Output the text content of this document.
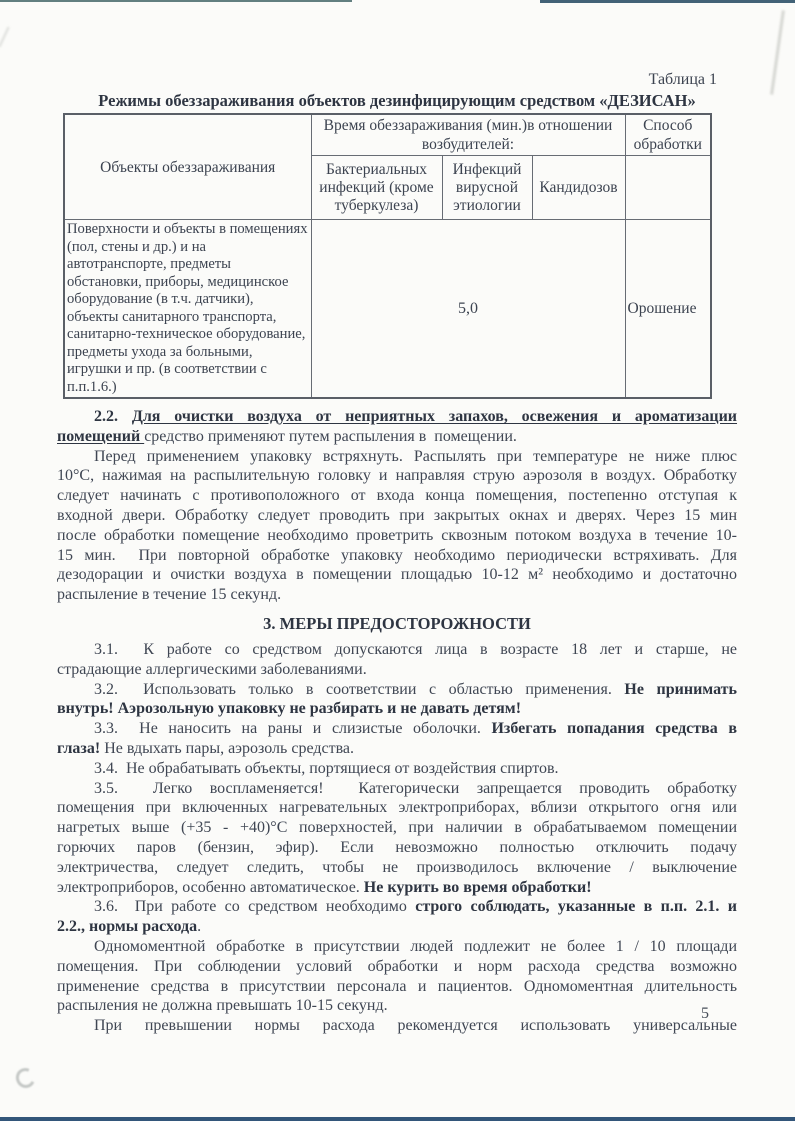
Таблица 1
Режимы обеззараживания объектов дезинфицирующим средством «ДЕЗИСАН»
Объекты обеззараживания	Время обеззараживания (мин.)в отношении возбудителей:			Способ обработки
	Бактериальных инфекций (кроме туберкулеза)	Инфекций вирусной этиологии	Кандидозов	
Поверхности и объекты в помещениях (пол, стены и др.) и на автотранспорте, предметы обстановки, приборы, медицинское оборудование (в т.ч. датчики), объекты санитарного транспорта, санитарно-техническое оборудование, предметы ухода за больными, игрушки и пр. (в соответствии с п.п.1.6.)	5,0			Орошение
2.2. Для очистки воздуха от неприятных запахов, освежения и ароматизации
помещений средство применяют путем распыления в  помещении.
Перед применением упаковку встряхнуть. Распылять при температуре не ниже плюс
10°С, нажимая на распылительную головку и направляя струю аэрозоля в воздух. Обработку
следует начинать с противоположного от входа конца помещения, постепенно отступая к
входной двери. Обработку следует проводить при закрытых окнах и дверях. Через 15 мин
после обработки помещение необходимо проветрить сквозным потоком воздуха в течение 10-
15 мин.  При повторной обработке упаковку необходимо периодически встряхивать. Для
дезодорации и очистки воздуха в помещении площадью 10-12 м² необходимо и достаточно
распыление в течение 15 секунд.
3. МЕРЫ ПРЕДОСТОРОЖНОСТИ
3.1.  К работе со средством допускаются лица в возрасте 18 лет и старше, не
страдающие аллергическими заболеваниями.
3.2.  Использовать только в соответствии с областью применения. Не принимать
внутрь! Аэрозольную упаковку не разбирать и не давать детям!
3.3.  Не наносить на раны и слизистые оболочки. Избегать попадания средства в
глаза! Не вдыхать пары, аэрозоль средства.
3.4.  Не обрабатывать объекты, портящиеся от воздействия спиртов.
3.5.  Легко воспламеняется!  Категорически запрещается проводить обработку
помещения при включенных нагревательных электроприборах, вблизи открытого огня или
нагретых выше (+35 - +40)°С поверхностей, при наличии в обрабатываемом помещении
горючих паров (бензин, эфир). Если невозможно полностью отключить подачу
электричества, следует следить, чтобы не производилось включение / выключение
электроприборов, особенно автоматическое. Не курить во время обработки!
3.6.  При работе со средством необходимо строго соблюдать, указанные в п.п. 2.1. и
2.2., нормы расхода.
Одномоментной обработке в присутствии людей подлежит не более 1 / 10 площади
помещения. При соблюдении условий обработки и норм расхода средства возможно
применение средства в присутствии персонала и пациентов. Одномоментная длительность
распыления не должна превышать 10-15 секунд.
При превышении нормы расхода рекомендуется использовать универсальные
5
